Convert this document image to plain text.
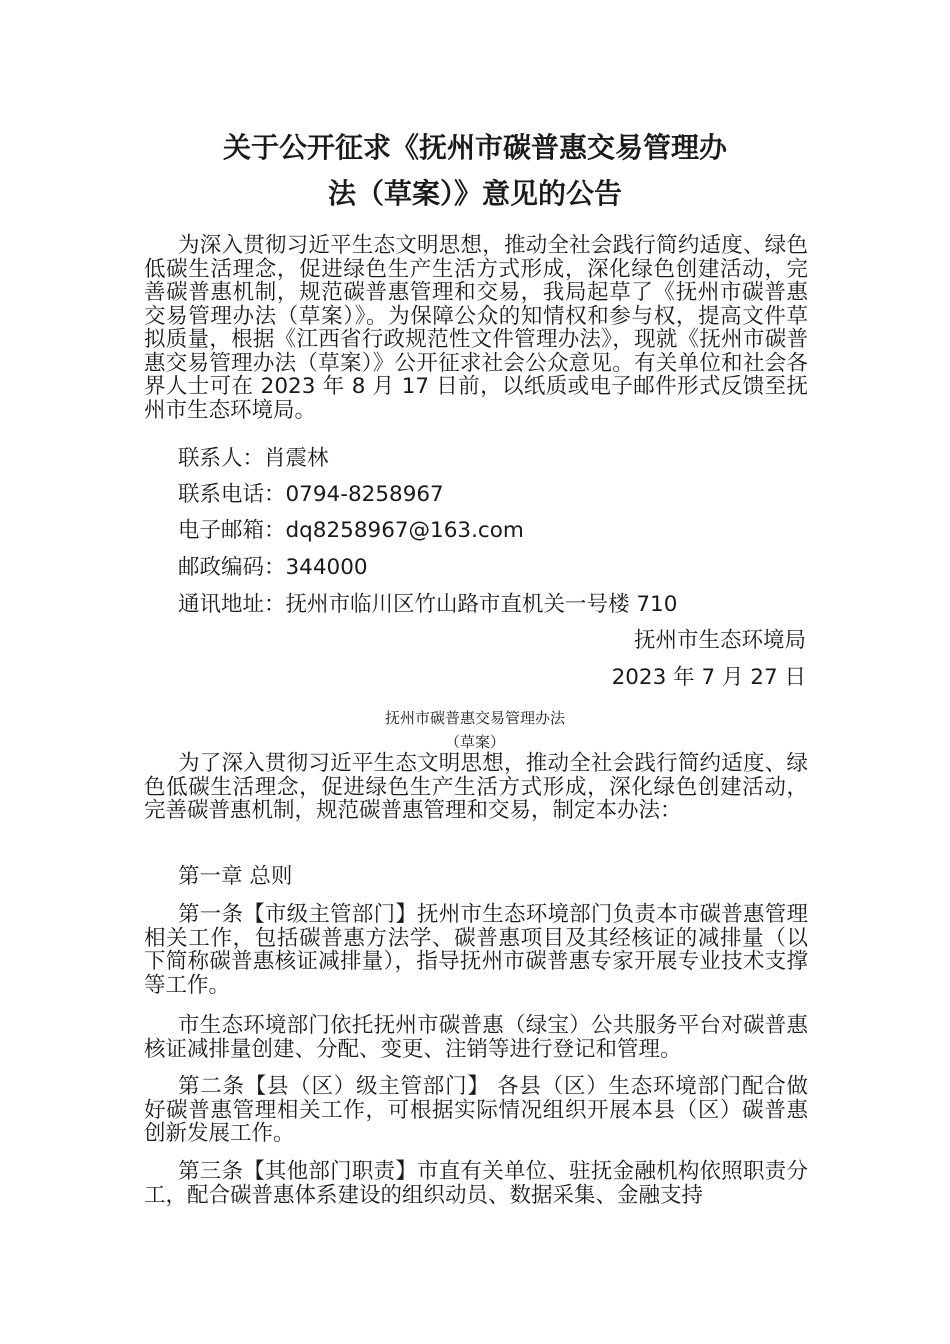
关于公开征求《抚州市碳普惠交易管理办
法（草案）》意见的公告

为深入贯彻习近平生态文明思想，推动全社会践行简约适度、绿色低碳生活理念，促进绿色生产生活方式形成，深化绿色创建活动，完善碳普惠机制，规范碳普惠管理和交易，我局起草了《抚州市碳普惠交易管理办法（草案）》。为保障公众的知情权和参与权，提高文件草拟质量，根据《江西省行政规范性文件管理办法》，现就《抚州市碳普惠交易管理办法（草案）》公开征求社会公众意见。有关单位和社会各界人士可在 2023 年 8 月 17 日前，以纸质或电子邮件形式反馈至抚州市生态环境局。

联系人：肖震林
联系电话：0794-8258967
电子邮箱：dq8258967@163.com
邮政编码：344000
通讯地址：抚州市临川区竹山路市直机关一号楼 710
抚州市生态环境局
2023 年 7 月 27 日
抚州市碳普惠交易管理办法
（草案）

为了深入贯彻习近平生态文明思想，推动全社会践行简约适度、绿色低碳生活理念，促进绿色生产生活方式形成，深化绿色创建活动，完善碳普惠机制，规范碳普惠管理和交易，制定本办法：

第一章 总则

第一条【市级主管部门】抚州市生态环境部门负责本市碳普惠管理相关工作，包括碳普惠方法学、碳普惠项目及其经核证的减排量（以下简称碳普惠核证减排量），指导抚州市碳普惠专家开展专业技术支撑等工作。

市生态环境部门依托抚州市碳普惠（绿宝）公共服务平台对碳普惠核证减排量创建、分配、变更、注销等进行登记和管理。

第二条【县（区）级主管部门】 各县（区）生态环境部门配合做好碳普惠管理相关工作，可根据实际情况组织开展本县（区）碳普惠创新发展工作。

第三条【其他部门职责】市直有关单位、驻抚金融机构依照职责分工，配合碳普惠体系建设的组织动员、数据采集、金融支持
